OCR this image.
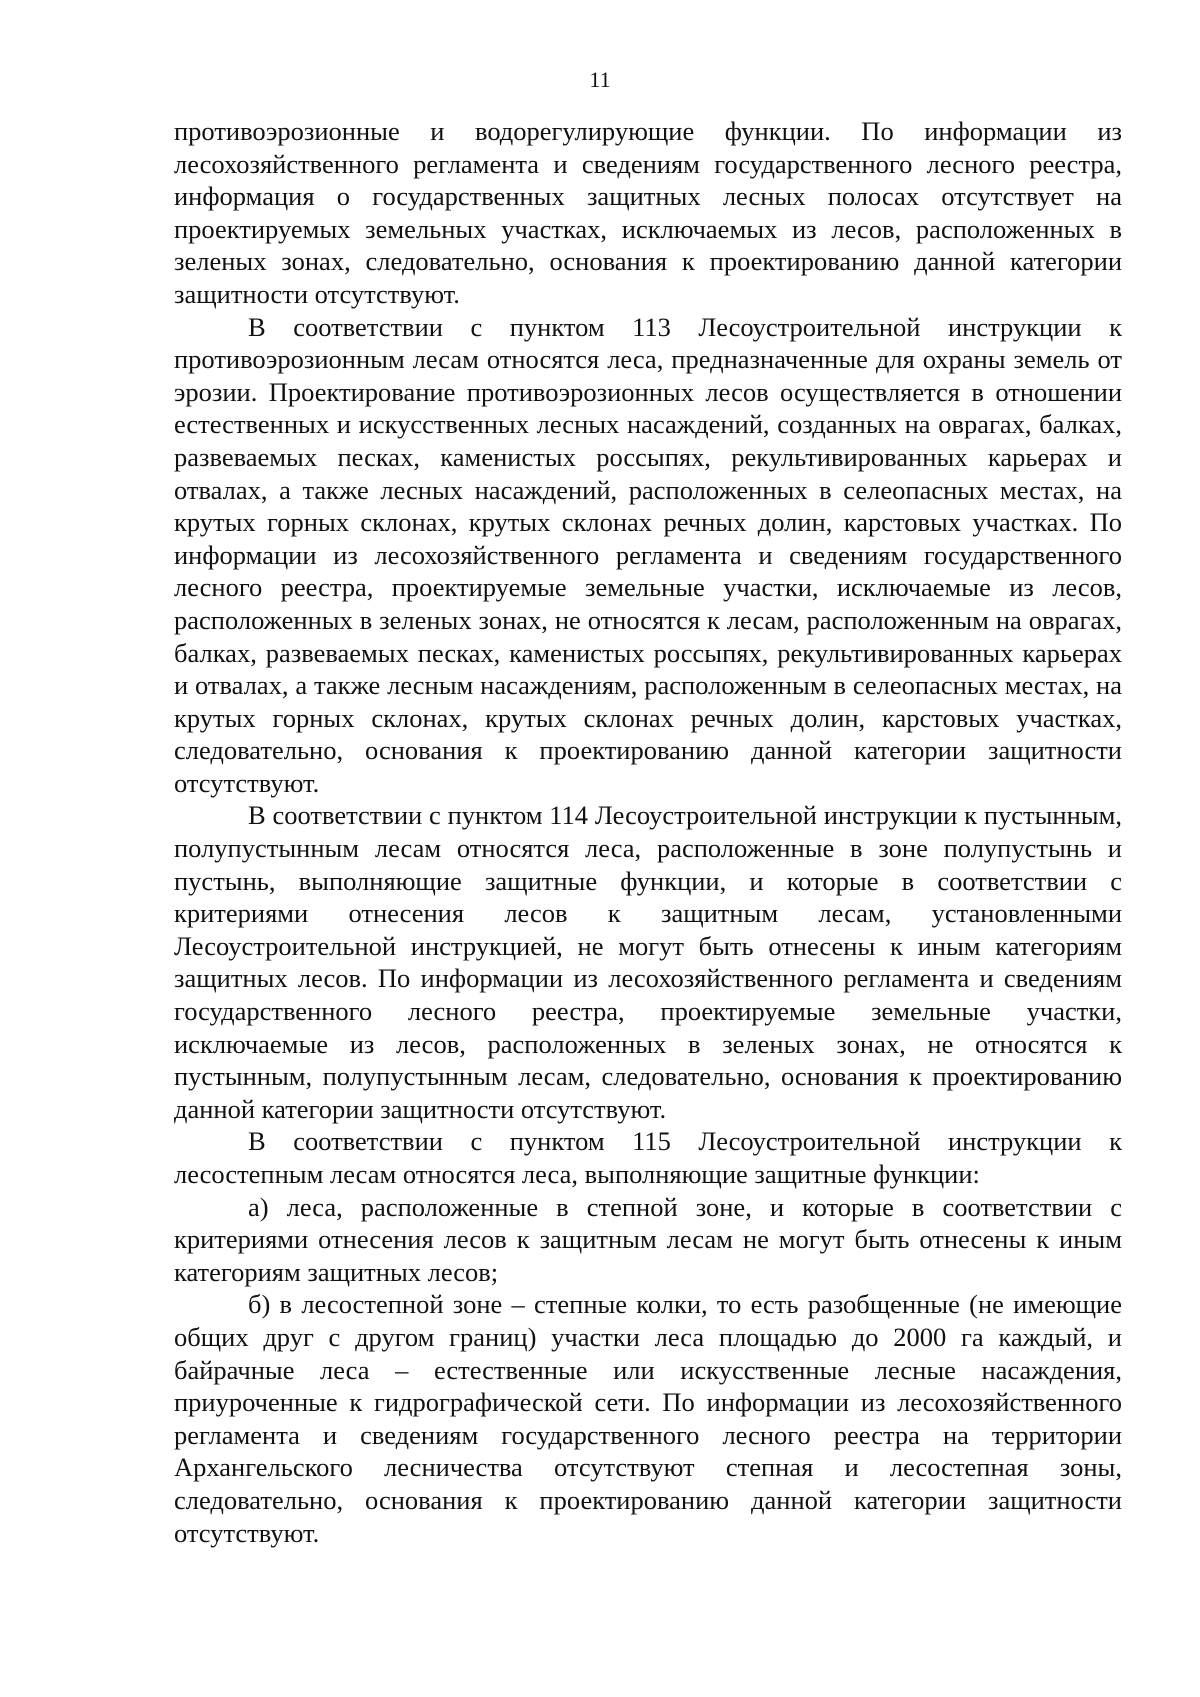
11

противоэрозионные и водорегулирующие функции. По информации из лесохозяйственного регламента и сведениям государственного лесного реестра, информация о государственных защитных лесных полосах отсутствует на проектируемых земельных участках, исключаемых из лесов, расположенных в зеленых зонах, следовательно, основания к проектированию данной категории защитности отсутствуют.

В соответствии с пунктом 113 Лесоустроительной инструкции к противоэрозионным лесам относятся леса, предназначенные для охраны земель от эрозии. Проектирование противоэрозионных лесов осуществляется в отношении естественных и искусственных лесных насаждений, созданных на оврагах, балках, развеваемых песках, каменистых россыпях, рекультивированных карьерах и отвалах, а также лесных насаждений, расположенных в селеопасных местах, на крутых горных склонах, крутых склонах речных долин, карстовых участках. По информации из лесохозяйственного регламента и сведениям государственного лесного реестра, проектируемые земельные участки, исключаемые из лесов, расположенных в зеленых зонах, не относятся к лесам, расположенным на оврагах, балках, развеваемых песках, каменистых россыпях, рекультивированных карьерах и отвалах, а также лесным насаждениям, расположенным в селеопасных местах, на крутых горных склонах, крутых склонах речных долин, карстовых участках, следовательно, основания к проектированию данной категории защитности отсутствуют.

В соответствии с пунктом 114 Лесоустроительной инструкции к пустынным, полупустынным лесам относятся леса, расположенные в зоне полупустынь и пустынь, выполняющие защитные функции, и которые в соответствии с критериями отнесения лесов к защитным лесам, установленными Лесоустроительной инструкцией, не могут быть отнесены к иным категориям защитных лесов. По информации из лесохозяйственного регламента и сведениям государственного лесного реестра, проектируемые земельные участки, исключаемые из лесов, расположенных в зеленых зонах, не относятся к пустынным, полупустынным лесам, следовательно, основания к проектированию данной категории защитности отсутствуют.

В соответствии с пунктом 115 Лесоустроительной инструкции к лесостепным лесам относятся леса, выполняющие защитные функции:

а) леса, расположенные в степной зоне, и которые в соответствии с критериями отнесения лесов к защитным лесам не могут быть отнесены к иным категориям защитных лесов;

б) в лесостепной зоне – степные колки, то есть разобщенные (не имеющие общих друг с другом границ) участки леса площадью до 2000 га каждый, и байрачные леса – естественные или искусственные лесные насаждения, приуроченные к гидрографической сети. По информации из лесохозяйственного регламента и сведениям государственного лесного реестра на территории Архангельского лесничества отсутствуют степная и лесостепная зоны, следовательно, основания к проектированию данной категории защитности отсутствуют.
